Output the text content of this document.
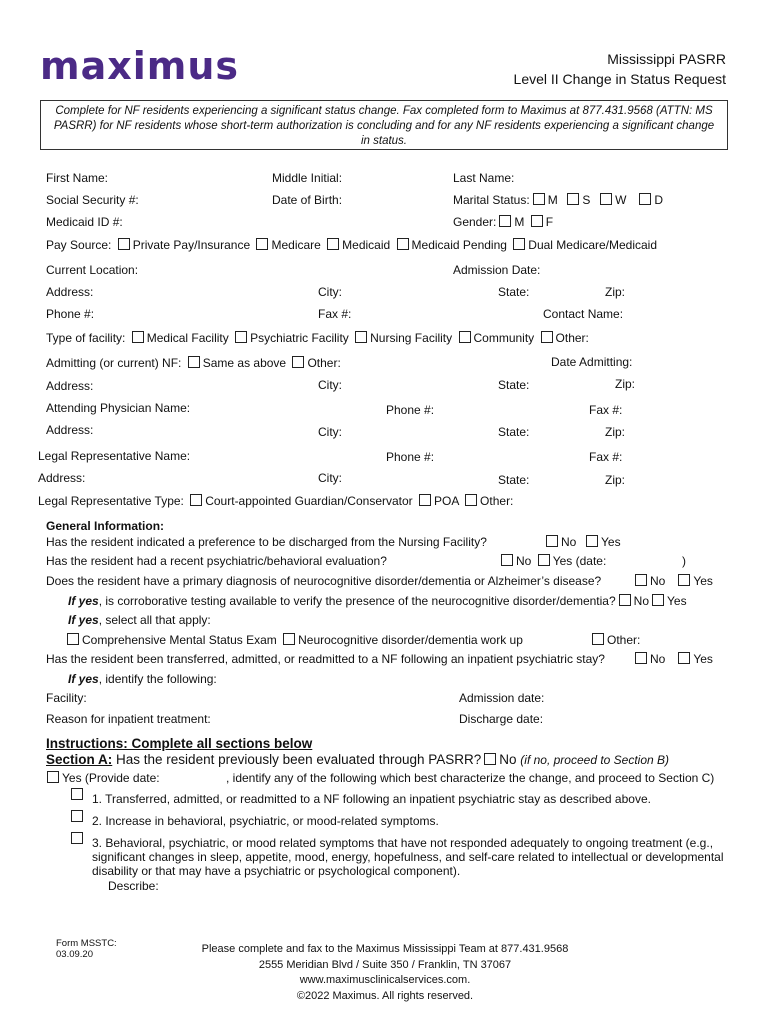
maximus	Mississippi PASRR
Level II Change in Status Request
Complete for NF residents experiencing a significant status change. Fax completed form to Maximus at 877.431.9568 (ATTN: MS PASRR) for NF residents whose short-term authorization is concluding and for any NF residents experiencing a significant change in status.
First Name:	Middle Initial:	Last Name:
Social Security #:	Date of Birth:	Marital Status: M S W D
Medicaid ID #:	Gender: M F
Pay Source: Private Pay/Insurance Medicare Medicaid Medicaid Pending Dual Medicare/Medicaid
Current Location:	Admission Date:
Address:	City:	State:	Zip:
Phone #:	Fax #:	Contact Name:
Type of facility: Medical Facility Psychiatric Facility Nursing Facility Community Other:
Admitting (or current) NF: Same as above Other:	Date Admitting:
Address:	City:	State:	Zip:
Attending Physician Name:	Phone #:	Fax #:
Address:	City:	State:	Zip:
Legal Representative Name:	Phone #:	Fax #:
Address:	City:	State:	Zip:
Legal Representative Type: Court-appointed Guardian/Conservator POA Other:
General Information:
Has the resident indicated a preference to be discharged from the Nursing Facility?	No Yes
Has the resident had a recent psychiatric/behavioral evaluation?	No Yes (date:	)
Does the resident have a primary diagnosis of neurocognitive disorder/dementia or Alzheimer’s disease?	No Yes
If yes, is corroborative testing available to verify the presence of the neurocognitive disorder/dementia? No Yes
If yes, select all that apply:
Comprehensive Mental Status Exam Neurocognitive disorder/dementia work up	Other:
Has the resident been transferred, admitted, or readmitted to a NF following an inpatient psychiatric stay?	No Yes
If yes, identify the following:
Facility:	Admission date:
Reason for inpatient treatment:	Discharge date:
Instructions: Complete all sections below
Section A: Has the resident previously been evaluated through PASRR? No (if no, proceed to Section B)
Yes (Provide date:	, identify any of the following which best characterize the change, and proceed to Section C)
1. Transferred, admitted, or readmitted to a NF following an inpatient psychiatric stay as described above.
2. Increase in behavioral, psychiatric, or mood-related symptoms.
3. Behavioral, psychiatric, or mood related symptoms that have not responded adequately to ongoing treatment (e.g., significant changes in sleep, appetite, mood, energy, hopefulness, and self-care related to intellectual or developmental disability or that may have a psychiatric or psychological component).
Describe:
Form MSSTC:
03.09.20	Please complete and fax to the Maximus Mississippi Team at 877.431.9568
2555 Meridian Blvd / Suite 350 / Franklin, TN 37067
www.maximusclinicalservices.com.
©2022 Maximus. All rights reserved.
